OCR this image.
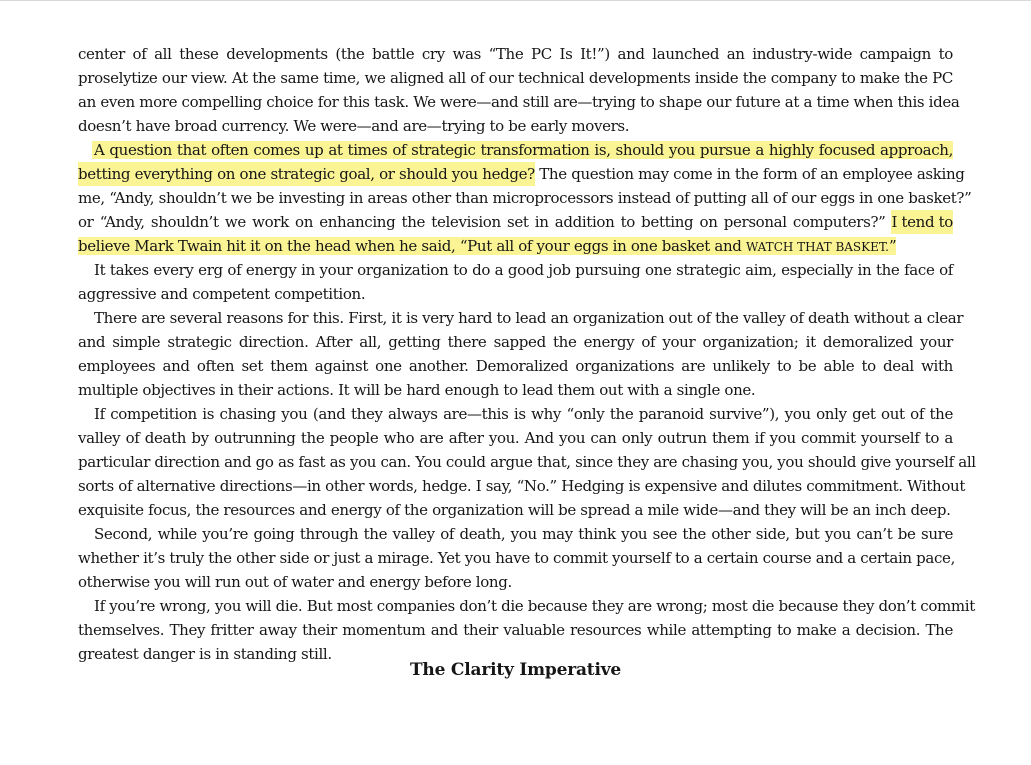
center of all these developments (the battle cry was “The PC Is It!”) and launched an industry-wide campaign to
proselytize our view. At the same time, we aligned all of our technical developments inside the company to make the PC
an even more compelling choice for this task. We were—and still are—trying to shape our future at a time when this idea
doesn’t have broad currency. We were—and are—trying to be early movers.
A question that often comes up at times of strategic transformation is, should you pursue a highly focused approach,
betting everything on one strategic goal, or should you hedge? The question may come in the form of an employee asking
me, “Andy, shouldn’t we be investing in areas other than microprocessors instead of putting all of our eggs in one basket?”
or “Andy, shouldn’t we work on enhancing the television set in addition to betting on personal computers?” I tend to
believe Mark Twain hit it on the head when he said, “Put all of your eggs in one basket and WATCH THAT BASKET.”
It takes every erg of energy in your organization to do a good job pursuing one strategic aim, especially in the face of
aggressive and competent competition.
There are several reasons for this. First, it is very hard to lead an organization out of the valley of death without a clear
and simple strategic direction. After all, getting there sapped the energy of your organization; it demoralized your
employees and often set them against one another. Demoralized organizations are unlikely to be able to deal with
multiple objectives in their actions. It will be hard enough to lead them out with a single one.
If competition is chasing you (and they always are—this is why “only the paranoid survive”), you only get out of the
valley of death by outrunning the people who are after you. And you can only outrun them if you commit yourself to a
particular direction and go as fast as you can. You could argue that, since they are chasing you, you should give yourself all
sorts of alternative directions—in other words, hedge. I say, “No.” Hedging is expensive and dilutes commitment. Without
exquisite focus, the resources and energy of the organization will be spread a mile wide—and they will be an inch deep.
Second, while you’re going through the valley of death, you may think you see the other side, but you can’t be sure
whether it’s truly the other side or just a mirage. Yet you have to commit yourself to a certain course and a certain pace,
otherwise you will run out of water and energy before long.
If you’re wrong, you will die. But most companies don’t die because they are wrong; most die because they don’t commit
themselves. They fritter away their momentum and their valuable resources while attempting to make a decision. The
greatest danger is in standing still.
The Clarity Imperative
